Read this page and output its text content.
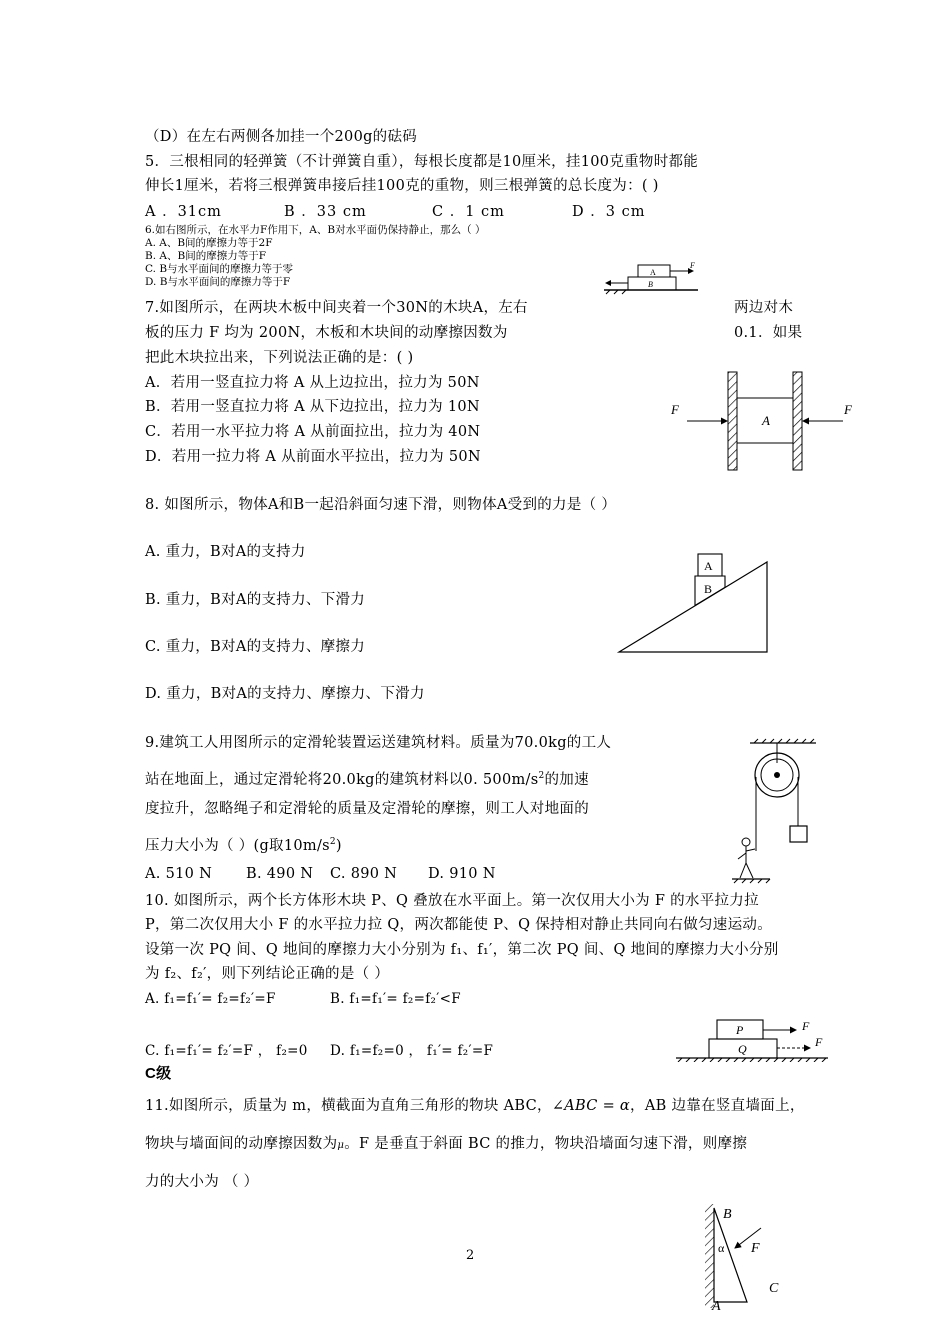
（D）在左右两侧各加挂一个200g的砝码
5．三根相同的轻弹簧（不计弹簧自重），每根长度都是10厘米，挂100克重物时都能
伸长1厘米，若将三根弹簧串接后挂100克的重物，则三根弹簧的总长度为：( )
A ．31cm	B ．33 cm	C ．1 cm	D ．3 cm
6.如右图所示，在水平力F作用下，A、B对水平面仍保持静止，那么（ ）
A. A、B间的摩擦力等于2F
B. A、B间的摩擦力等于F
C. B与水平面间的摩擦力等于零
D. B与水平面间的摩擦力等于F
A
B
F
7.如图所示，在两块木板中间夹着一个30N的木块A，左右	两边对木
板的压力 F 均为 200N，木板和木块间的动摩擦因数为	0.1．如果
把此木块拉出来，下列说法正确的是：( )
A．若用一竖直拉力将 A 从上边拉出，拉力为 50N
B．若用一竖直拉力将 A 从下边拉出，拉力为 10N
C．若用一水平拉力将 A 从前面拉出，拉力为 40N
D．若用一拉力将 A 从前面水平拉出，拉力为 50N
A
F	F
8. 如图所示，物体A和B一起沿斜面匀速下滑，则物体A受到的力是（ ）
A. 重力，B对A的支持力
B. 重力，B对A的支持力、下滑力
C. 重力，B对A的支持力、摩擦力
D. 重力，B对A的支持力、摩擦力、下滑力
B
A
9.建筑工人用图所示的定滑轮装置运送建筑材料。质量为70.0kg的工人
站在地面上，通过定滑轮将20.0kg的建筑材料以0. $500m/s^2$的加速
度拉升，忽略绳子和定滑轮的质量及定滑轮的摩擦，则工人对地面的
压力大小为（ ）(g取$10m/s^2$)
A. 510 N B. 490 N C. 890 N D. 910 N
10. 如图所示，两个长方体形木块 P、Q 叠放在水平面上。第一次仅用大小为 F 的水平拉力拉
P，第二次仅用大小 F 的水平拉力拉 Q，两次都能使 P、Q 保持相对静止共同向右做匀速运动。
设第一次 PQ 间、Q 地间的摩擦力大小分别为 f₁、f₁′，第二次 PQ 间、Q 地间的摩擦力大小分别
为 f₂、f₂′，则下列结论正确的是（ ）
A. f₁=f₁′= f₂=f₂′=F	B. f₁=f₁′= f₂=f₂′<F
C. f₁=f₁′= f₂′=F ， f₂=0 D. f₁=f₂=0 ， f₁′= f₂′=F
P
Q
F
F
C级
11.如图所示，质量为 m，横截面为直角三角形的物块 ABC，∠ABC = α，AB 边靠在竖直墙面上，
物块与墙面间的动摩擦因数为μ。F 是垂直于斜面 BC 的推力，物块沿墙面匀速下滑，则摩擦
力的大小为 （ ）
B
F
α
C
A
2
